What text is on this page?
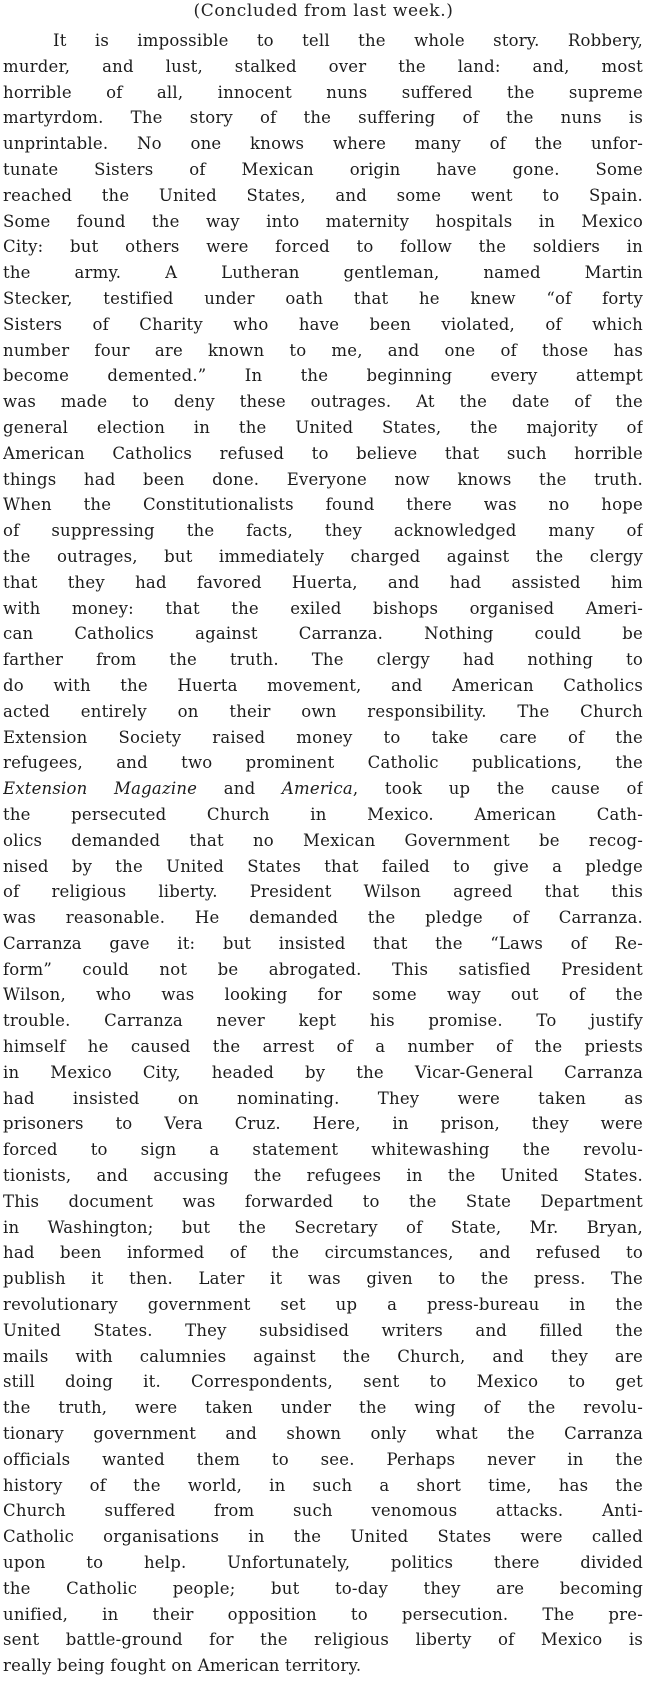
(Concluded from last week.)
It is impossible to tell the whole story. Robbery,
murder, and lust, stalked over the land: and, most
horrible of all, innocent nuns suffered the supreme
martyrdom. The story of the suffering of the nuns is
unprintable. No one knows where many of the unfor-
tunate Sisters of Mexican origin have gone. Some
reached the United States, and some went to Spain.
Some found the way into maternity hospitals in Mexico
City: but others were forced to follow the soldiers in
the army. A Lutheran gentleman, named Martin
Stecker, testified under oath that he knew “of forty
Sisters of Charity who have been violated, of which
number four are known to me, and one of those has
become demented.” In the beginning every attempt
was made to deny these outrages. At the date of the
general election in the United States, the majority of
American Catholics refused to believe that such horrible
things had been done. Everyone now knows the truth.
When the Constitutionalists found there was no hope
of suppressing the facts, they acknowledged many of
the outrages, but immediately charged against the clergy
that they had favored Huerta, and had assisted him
with money: that the exiled bishops organised Ameri-
can Catholics against Carranza. Nothing could be
farther from the truth. The clergy had nothing to
do with the Huerta movement, and American Catholics
acted entirely on their own responsibility. The Church
Extension Society raised money to take care of the
refugees, and two prominent Catholic publications, the
Extension Magazine and America, took up the cause of
the persecuted Church in Mexico. American Cath-
olics demanded that no Mexican Government be recog-
nised by the United States that failed to give a pledge
of religious liberty. President Wilson agreed that this
was reasonable. He demanded the pledge of Carranza.
Carranza gave it: but insisted that the “Laws of Re-
form” could not be abrogated. This satisfied President
Wilson, who was looking for some way out of the
trouble. Carranza never kept his promise. To justify
himself he caused the arrest of a number of the priests
in Mexico City, headed by the Vicar-General Carranza
had insisted on nominating. They were taken as
prisoners to Vera Cruz. Here, in prison, they were
forced to sign a statement whitewashing the revolu-
tionists, and accusing the refugees in the United States.
This document was forwarded to the State Department
in Washington; but the Secretary of State, Mr. Bryan,
had been informed of the circumstances, and refused to
publish it then. Later it was given to the press. The
revolutionary government set up a press-bureau in the
United States. They subsidised writers and filled the
mails with calumnies against the Church, and they are
still doing it. Correspondents, sent to Mexico to get
the truth, were taken under the wing of the revolu-
tionary government and shown only what the Carranza
officials wanted them to see. Perhaps never in the
history of the world, in such a short time, has the
Church suffered from such venomous attacks. Anti-
Catholic organisations in the United States were called
upon to help. Unfortunately, politics there divided
the Catholic people; but to-day they are becoming
unified, in their opposition to persecution. The pre-
sent battle-ground for the religious liberty of Mexico is
really being fought on American territory.
